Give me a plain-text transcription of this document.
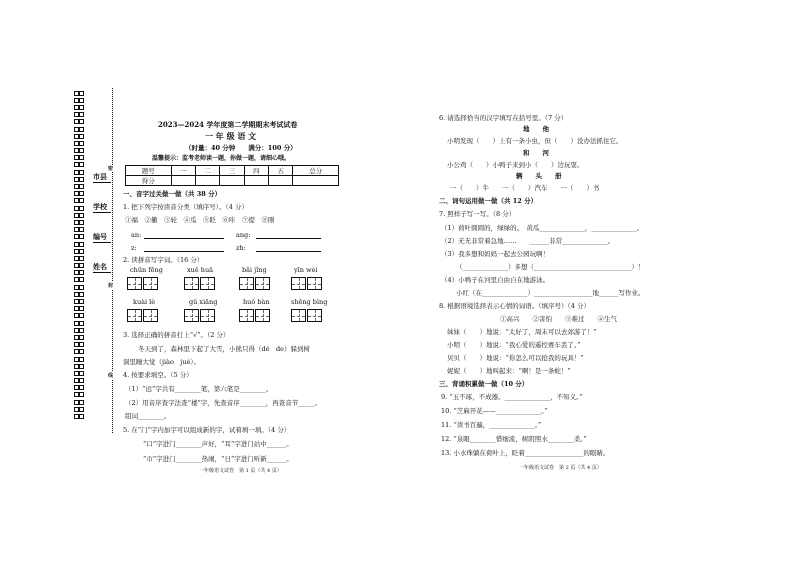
市县
学校
编号
姓名
密
封
线
2023—2024 学年度第二学期期末考试试卷
一 年 级 语 文
（时量：40 分钟　　满分：100 分）
温馨提示：监考老师读一题，你做一题，请细心哦。
题号	一	二	三	四	五	总分
得分						
一、音字过关做一做（共 38 分）
1. 把下列字按读音分类（填序号）。（4 分）
①福　②撇　③轮　④瓜　⑤眨　⑥咔　⑦提　⑧刚
an:	ang:
z:	zh:
2. 读拼音写字词。（16 分）
chūn fēng	xuě huā	bǎi jǐng	yīn wèi
kuài lè	gǔ xiāng	huǒ bàn	shēng bìng
3. 选择正确的拼音打上“√”。（2 分）
冬天到了，森林里下起了大雪，小熊只得（dé　de）躲到树
洞里睡大觉（jiào　jué）。
4. 按要求填空。（5 分）
（1）“远”字共有________笔，第六笔是________。
（2）用音序查字法查“楼”字，先查音序________，再查音节_____。
组词________。
5. 在“门”字内加字可以组成新的字，试着填一填。（4 分）
“口”字进门________声好，“耳”字进门站中______。
“市”字进门________热闹，“日”字进门听新______。
一年级语文试卷　第 1 页（共 4 页）
6. 请选择恰当的汉字填写在括号里。（7 分）
地　　他
小明发现（　　）上有一条小虫，但（　　）没办法抓住它。
和　　河
小公鸡（　　）小鸭子来到小（　　）边玩耍。
辆　　头　　册
一（　　）牛　　一（　　）汽车　　一（　　）书
二、词句运用做一做（共 12 分）
7. 照样子写一写。（8 分）
（1）荷叶圆圆的，绿绿的。　黄瓜______________，______________。
（2）无无非常着急地……　　______非常______________。
（3）我多想和妈妈一起去公园玩啊！
（______________）多想（______________________________）！
（4）小鸭子在河里自由自在地游泳。
小红（在______________）__________________地______写作业。
8. 根据语境选择表示心情的词语。（填序号）（4 分）
①高兴　　②害怕　　③难过　　④生气
妹妹（　　）地说：“太好了，周末可以去郊游了！”
小明（　　）地说：“我心爱的遥控赛车丢了。”
贝贝（　　）地说：“你怎么可以抢我的玩具！”
妮妮（　　）地叫起来：“啊！是一条蛇！”
三、背诵积累做一做（10 分）
9. “玉不琢，不成器。______________，不知义。”
10. “芝麻开花——______________。”
11. “读书百遍，______________。”
12. “泉眼________惜细流，树阴照水________柔。”
13. 小水珠躺在荷叶上，眨着__________________的眼睛。
一年级语文试卷　第 2 页（共 4 页）
